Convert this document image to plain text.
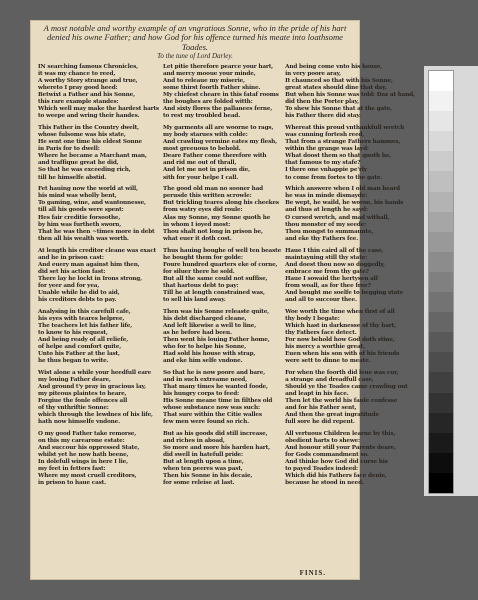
A most notable and worthy example of an vngratious Sonne, who in the pride of his hart denied his owne Father; and how God for his offence turned his meate into loathsome Toades.
To the tune of Lord Darley.
IN searching famous Chronicles,
it was my chance to reed,
A worthy Story strange and true,
whereto I pray good heed:
Betwixt a Father and his Sonne,
this rare example standes:
Which well may make the hardest harts
to weepe and wring their handes.
This Father in the Country dwelt,
whose fulsome was his state,
He sent one time his eldest Sonne
in Paris for to dwell:
Where he became a Marchant man,
and traffique great he did,
So that he was exceeding rich,
till he himselfe abstid.
Fet hauing now the world at will,
his mind was wholly bent,
To gaming, wine, and wantonnesse,
till all his goods were spent:
Hes fair creditie forsoothe,
by him was furtheth sworn,
That he was then ~times more in debt
then all his wealth was worth.
At length his creditor cleane was exact
and he in prison cast:
And euery man against him then,
did set his action fast:
There lay he lockt in Irons strong,
for yeer and for yea,
Unable while he did to aid,
his creditors debts to pay.
Analysing in this carefull cafe,
his eyes with teares belpree,
The teachers let his father life,
to know to his request,
And being ready of all reliefe,
of helpe and comfort quite,
Unto his Father at the last,
he thus began to write.
Wist alone a while your heedfull eare
my louing Father deare,
And ground t'y pray in gracious lay,
my piteous plaintes to heare,
Forgiue the fonle offences all
of thy vnthriftie Sonne:
which through the lewdnes of his life,
hath now himselfe vndone.
O my good Father take remorse,
on this my carearone estate:
And succour his oppressed State,
whilst yet he now hath beene,
In dolefull wings in here I lie,
my feet in fetters fast:
Where my most cruell creditors,
in prison to haue cast.
Let pitie therefore pearce your hart,
and mercy mooue your minde,
And to releaue my miserie,
some thirst foorth Father shine.
My chiefest cheare in this fataf rooms
the boughes are folded witth:
And sixty flores the pallanees ferne,
to rest my troubled head.
My garments all are woorne to rags,
my body starues with colde:
And crawling vermine eates my flesh,
most greeuous to behold.
Deare Father come therefore with
and rid me out of thrall,
And let me not in prison die,
sith for your helpe I call.
The good old man no sooner had
perusde this written scrowle:
But trickling teares along his cheekes
from watry eyes did roule:
Alas my Sonne, my Sonne quoth he
in whom I ioyed most:
Thou shalt not long in prison be,
what euer it doth cost.
Thus hauing boughe of well ten beaste
he bought them for golde:
Foure hundred quarters eke of corne,
for siluer there he sold.
But all the same could not suffise,
that hartous debt to pay:
Till he at length constrained was,
to sell his land away.
Then was his Sonne releaste quite,
his debt discharged cleane,
And left likewise a well to line,
as he before had been.
Then went his louing Father home,
who for to helpe his Sonne,
Had sold his house with strap,
and eke him selfe vndone.
So that he is now poore and bare,
and in such extreame need,
That many times he wanted foode,
his hungry corps to feed:
His Sonne meane time in filthes old
whose substance now was such:
That sure within the Citie walles
few men were found so rich.
But as his goods did still increase,
and riches in aboad,
So more and more his harden hart,
did swell in hatefull pride:
But at length upon a time,
when ten peeres was past,
Then his Sonne in his decaie,
for some releise at last.
And being come vnto his house,
in very poore aray,
It chaunced so that with his Sonne,
great states should dine that day.
But when his Sonne was told: Daz at hand,
did then the Porter play,
To shew his Sonne that at the gate,
his Father there did stay.
Whereat this proud vnthankfull wretch
was cunning fortesh reed,
That from a strange Fathers hammes,
within the grange was layd:
What doost them so that quoth he,
that famous to my stafe?
I there one vnhappie pe'rly
to come from fortes to the gate.
Which answere when I old man heard
he was in minde dismayde:
Be wept, he waild, he worne, his hands
and thus at length he sayd:
O cursed wretch, and mad withall,
thou monster of my seede:
Thou mongst to summaunte,
and eke thy Fathers fee.
Haue I thin caird all of the case,
maintayning still thy state:
And doest thou now so doggedly,
embrace me from thy gate?
Haue I sowaid the hertysen all
from woall, as for thee free?
And bought me soelfe to begging state
and all to succour thee.
Woe worth the time when first of all
thy body I begate:
Which hast in darknesse of thy hart,
thy Fathers face detect.
For now behold how God doth stine,
his mercy a worthie great,
Euen when his son with of his friends
were sett to dinne to meate.
For when the foorth did leue was cur,
a strange and dreadfull case,
Should ye the Toades came crawling out
and leapt in his face.
Then let the world his faule confesse
and for his Father sent,
And then the great ingratitude
full sore he did repent.
All vertuous Children learne by this,
obedient harts to shewe:
And honour still your Parents deare,
for Gods commandment so.
And thinke how God did curse his
to payed Toades indeed:
Which did his Fathers face denie,
because he stood in need.
FINIS.
